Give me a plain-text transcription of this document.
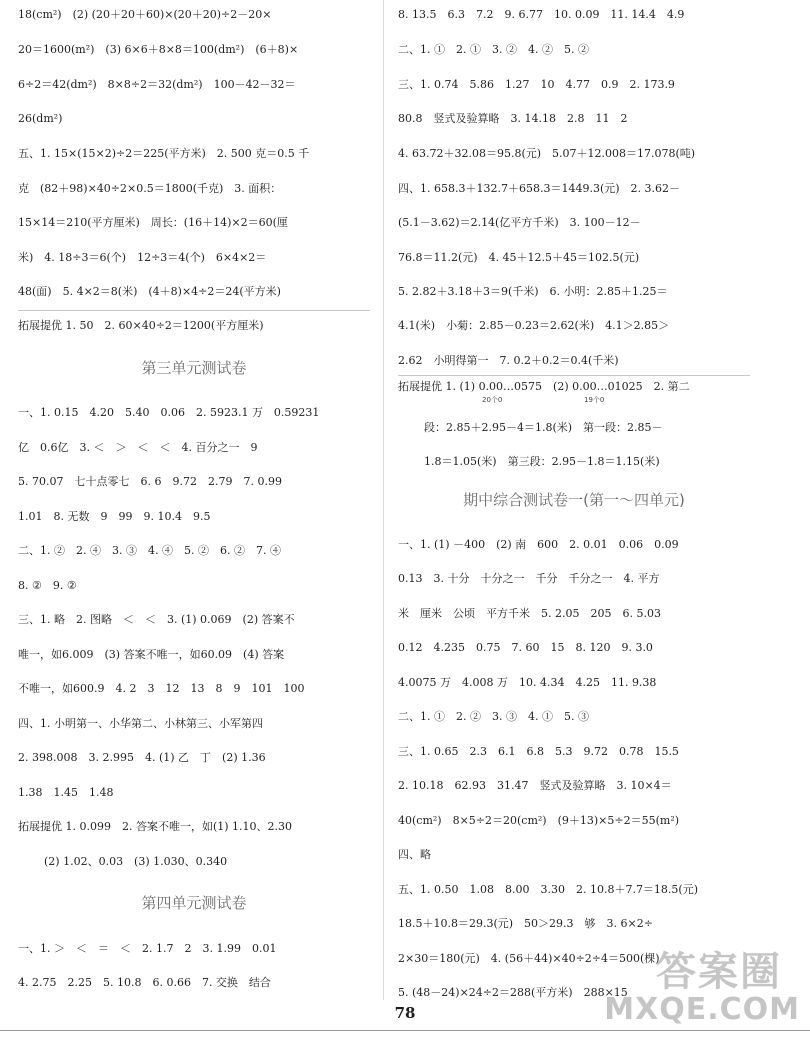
18(cm²)　(2) (20＋20＋60)×(20＋20)÷2－20×
20＝1600(m²)　(3) 6×6＋8×8＝100(dm²)　(6＋8)×
6÷2＝42(dm²)　8×8÷2＝32(dm²)　100－42－32＝
26(dm²)
五、1. 15×(15×2)÷2＝225(平方米)　2. 500 克＝0.5 千
克　(82＋98)×40÷2×0.5＝1800(千克)　3. 面积：
15×14＝210(平方厘米)　周长：(16＋14)×2＝60(厘
米)　4. 18÷3＝6(个)　12÷3＝4(个)　6×4×2＝
48(面)　5. 4×2＝8(米)　(4＋8)×4÷2＝24(平方米)
拓展提优 1. 50　2. 60×40÷2＝1200(平方厘米)
第三单元测试卷
一、1. 0.15　4.20　5.40　0.06　2. 5923.1 万　0.59231
亿　0.6亿　3. ＜　＞　＜　＜　4. 百分之一　9
5. 70.07　七十点零七　6. 6　9.72　2.79　7. 0.99
1.01　8. 无数　9　99　9. 10.4　9.5
二、1. ②　2. ④　3. ③　4. ④　5. ②　6. ②　7. ④
8. ②　9. ②
三、1. 略　2. 图略　＜　＜　3. (1) 0.069　(2) 答案不
唯一，如6.009　(3) 答案不唯一，如60.09　(4) 答案
不唯一，如600.9　4. 2　3　12　13　8　9　101　100
四、1. 小明第一、小华第二、小林第三、小军第四
2. 398.008　3. 2.995　4. (1) 乙　丁　(2) 1.36
1.38　1.45　1.48
拓展提优 1. 0.099　2. 答案不唯一，如(1) 1.10、2.30
(2) 1.02、0.03　(3) 1.030、0.340
第四单元测试卷
一、1. ＞　＜　＝　＜　2. 1.7　2　3. 1.99　0.01
4. 2.75　2.25　5. 10.8　6. 0.66　7. 交换　结合
8. 13.5　6.3　7.2　9. 6.77　10. 0.09　11. 14.4　4.9
二、1. ①　2. ①　3. ②　4. ②　5. ②
三、1. 0.74　5.86　1.27　10　4.77　0.9　2. 173.9
80.8　竖式及验算略　3. 14.18　2.8　11　2
4. 63.72＋32.08＝95.8(元)　5.07＋12.008＝17.078(吨)
四、1. 658.3＋132.7＋658.3＝1449.3(元)　2. 3.62－
(5.1－3.62)＝2.14(亿平方千米)　3. 100－12－
76.8＝11.2(元)　4. 45＋12.5＋45＝102.5(元)
5. 2.82＋3.18＋3＝9(千米)　6. 小明：2.85＋1.25＝
4.1(米)　小菊：2.85－0.23＝2.62(米)　4.1＞2.85＞
2.62　小明得第一　7. 0.2＋0.2＝0.4(千米)
拓展提优 1. (1) 0.00…0575　(2) 0.00…01025　2. 第二
20个0	19个0
段：2.85＋2.95－4＝1.8(米)　第一段：2.85－
1.8＝1.05(米)　第三段：2.95－1.8＝1.15(米)
期中综合测试卷一(第一～四单元)
一、1. (1) －400　(2) 南　600　2. 0.01　0.06　0.09
0.13　3. 十分　十分之一　千分　千分之一　4. 平方
米　厘米　公顷　平方千米　5. 2.05　205　6. 5.03
0.12　4.235　0.75　7. 60　15　8. 120　9. 3.0
4.0075 万　4.008 万　10. 4.34　4.25　11. 9.38
二、1. ①　2. ②　3. ③　4. ①　5. ③
三、1. 0.65　2.3　6.1　6.8　5.3　9.72　0.78　15.5
2. 10.18　62.93　31.47　竖式及验算略　3. 10×4＝
40(cm²)　8×5÷2＝20(cm²)　(9＋13)×5÷2＝55(m²)
四、略
五、1. 0.50　1.08　8.00　3.30　2. 10.8＋7.7＝18.5(元)
18.5＋10.8＝29.3(元)　50＞29.3　够　3. 6×2÷
2×30＝180(元)　4. (56＋44)×40÷2÷4＝500(棵)
5. (48－24)×24÷2＝288(平方米)　288×15
78
答案圈
MXQE.COM
